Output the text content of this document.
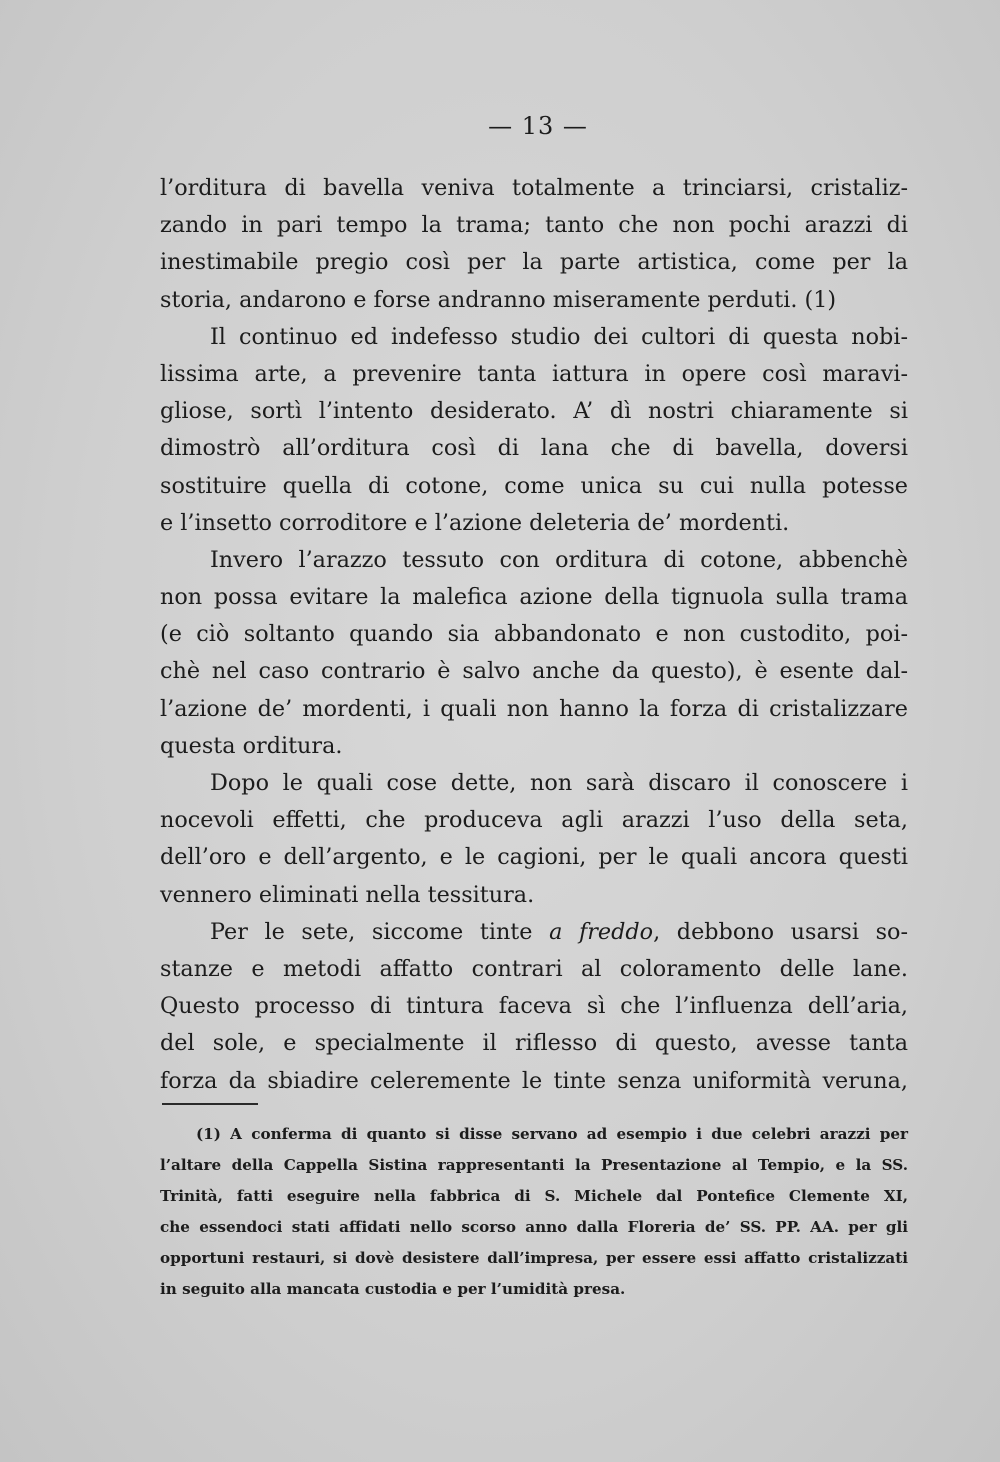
— 13 —
l’orditura di bavella veniva totalmente a trinciarsi, cristaliz-
zando in pari tempo la trama; tanto che non pochi arazzi di
inestimabile pregio così per la parte artistica, come per la
storia, andarono e forse andranno miseramente perduti. (1)
Il continuo ed indefesso studio dei cultori di questa nobi-
lissima arte, a prevenire tanta iattura in opere così maravi-
gliose, sortì l’intento desiderato. A’ dì nostri chiaramente si
dimostrò all’orditura così di lana che di bavella, doversi
sostituire quella di cotone, come unica su cui nulla potesse
e l’insetto corroditore e l’azione deleteria de’ mordenti.
Invero l’arazzo tessuto con orditura di cotone, abbenchè
non possa evitare la malefica azione della tignuola sulla trama
(e ciò soltanto quando sia abbandonato e non custodito, poi-
chè nel caso contrario è salvo anche da questo), è esente dal-
l’azione de’ mordenti, i quali non hanno la forza di cristalizzare
questa orditura.
Dopo le quali cose dette, non sarà discaro il conoscere i
nocevoli effetti, che produceva agli arazzi l’uso della seta,
dell’oro e dell’argento, e le cagioni, per le quali ancora questi
vennero eliminati nella tessitura.
Per le sete, siccome tinte a freddo, debbono usarsi so-
stanze e metodi affatto contrari al coloramento delle lane.
Questo processo di tintura faceva sì che l’influenza dell’aria,
del sole, e specialmente il riflesso di questo, avesse tanta
forza da sbiadire celeremente le tinte senza uniformità veruna,
(1) A conferma di quanto si disse servano ad esempio i due celebri arazzi per
l’altare della Cappella Sistina rappresentanti la Presentazione al Tempio, e la SS.
Trinità, fatti eseguire nella fabbrica di S. Michele dal Pontefice Clemente XI,
che essendoci stati affidati nello scorso anno dalla Floreria de’ SS. PP. AA. per gli
opportuni restauri, si dovè desistere dall’impresa, per essere essi affatto cristalizzati
in seguito alla mancata custodia e per l’umidità presa.
